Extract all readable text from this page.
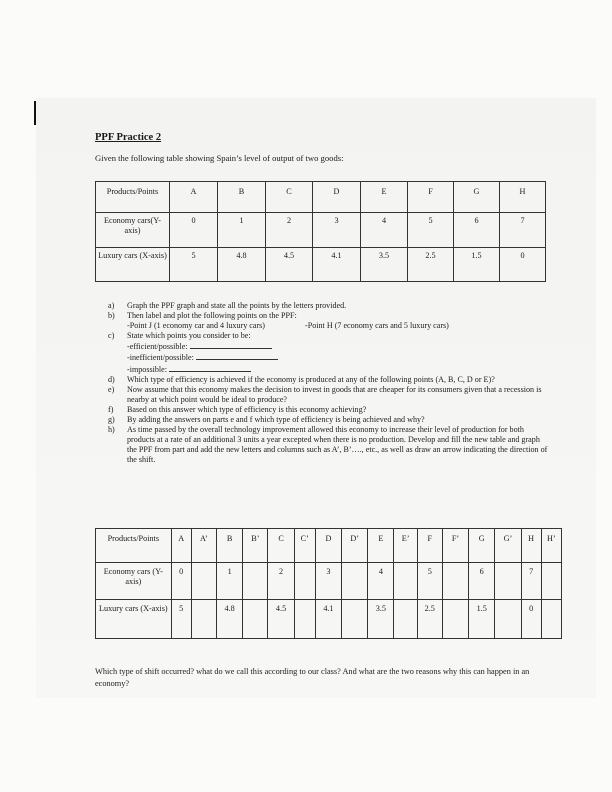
PPF Practice 2
Given the following table showing Spain’s level of output of two goods:
Products/Points	A	B	C	D	E	F	G	H
Economy cars(Y-axis)	0	1	2	3	4	5	6	7
Luxury cars (X-axis)	5	4.8	4.5	4.1	3.5	2.5	1.5	0
a)	Graph the PPF graph and state all the points by the letters provided.
b)	Then label and plot the following points on the PPF:
-Point J (1 economy car and 4 luxury cars)	-Point H (7 economy cars and 5 luxury cars)
c)	State which points you consider to be:
-efficient/possible:
-inefficient/possible:
-impossible:
d)	Which type of efficiency is achieved if the economy is produced at any of the following points (A, B, C, D or E)?
e)	Now assume that this economy makes the decision to invest in goods that are cheaper for its consumers given that a recession is nearby at which point would be ideal to produce?
f)	Based on this answer which type of efficiency is this economy achieving?
g)	By adding the answers on parts e and f which type of efficiency is being achieved and why?
h)	As time passed by the overall technology improvement allowed this economy to increase their level of production for both products at a rate of an additional 3 units a year excepted when there is no production. Develop and fill the new table and graph the PPF from part and add the new letters and columns such as A’, B’…., etc., as well as draw an arrow indicating the direction of the shift.
Products/Points	A	A’	B	B’	C	C’	D	D’	E	E’	F	F’	G	G’	H	H’
Economy cars (Y-axis)	0		1		2		3		4		5		6		7	
Luxury cars (X-axis)	5		4.8		4.5		4.1		3.5		2.5		1.5		0	
Which type of shift occurred? what do we call this according to our class? And what are the two reasons why this can happen in an economy?
